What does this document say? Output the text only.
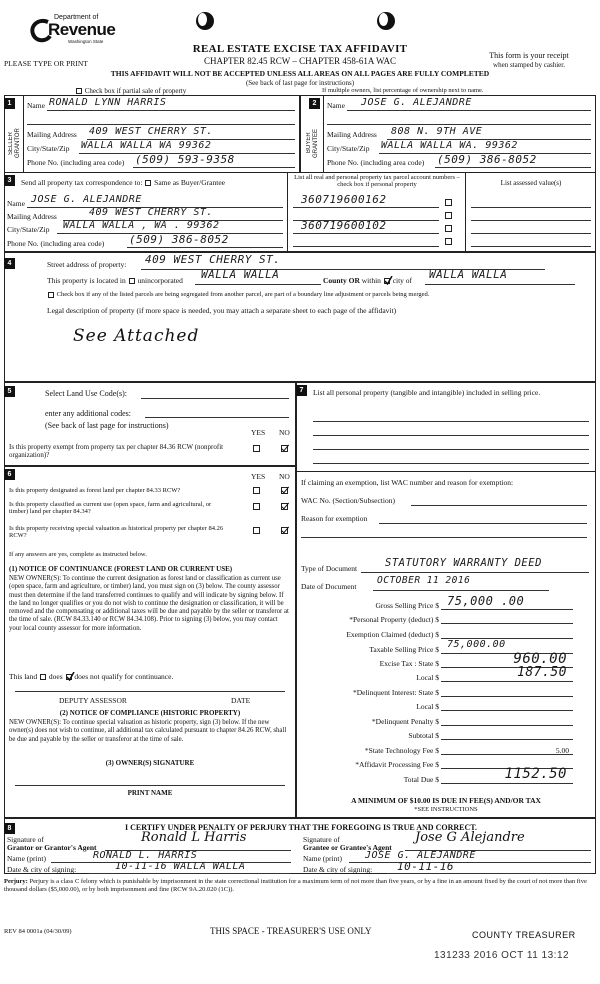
Department of
Revenue
Washington State
PLEASE TYPE OR PRINT
REAL ESTATE EXCISE TAX AFFIDAVIT
CHAPTER 82.45 RCW – CHAPTER 458-61A WAC
This form is your receipt
when stamped by cashier.
THIS AFFIDAVIT WILL NOT BE ACCEPTED UNLESS ALL AREAS ON ALL PAGES ARE FULLY COMPLETED
(See back of last page for instructions)
Check box if partial sale of property	If multiple owners, list percentage of ownership next to name.
1
SELLER GRANTOR
Name RONALD LYNN HARRIS
Mailing Address 409 WEST CHERRY ST.
City/State/Zip WALLA WALLA WA 99362
Phone No. (including area code) (509) 593-9358
2
BUYER GRANTEE
Name JOSE G. ALEJANDRE
Mailing Address 808 N. 9TH AVE
City/State/Zip WALLA WALLA WA. 99362
Phone No. (including area code) (509) 386-8052
3	Send all property tax correspondence to: Same as Buyer/Grantee
Name JOSE G. ALEJANDRE
Mailing Address	409 WEST CHERRY ST.
City/State/Zip WALLA WALLA , WA . 99362
Phone No. (including area code) (509) 386-8052
List all real and personal property tax parcel account numbers – check box if personal property	List assessed value(s)
360719600162
360719600102
4	Street address of property: 409 WEST CHERRY ST.
This property is located in unincorporated WALLA WALLA	County OR within city of WALLA WALLA
Check box if any of the listed parcels are being segregated from another parcel, are part of a boundary line adjustment or parcels being merged.
Legal description of property (if more space is needed, you may attach a separate sheet to each page of the affidavit)
See Attached
5	Select Land Use Code(s):
enter any additional codes:
(See back of last page for instructions)
YES NO
Is this property exempt from property tax per chapter 84.36 RCW (nonprofit organization)?
6	YES NO
Is this property designated as forest land per chapter 84.33 RCW?
Is this property classified as current use (open space, farm and agricultural, or timber) land per chapter 84.34?
Is this property receiving special valuation as historical property per chapter 84.26 RCW?
If any answers are yes, complete as instructed below.
(1) NOTICE OF CONTINUANCE (FOREST LAND OR CURRENT USE)
NEW OWNER(S): To continue the current designation as forest land or classification as current use (open space, farm and agriculture, or timber) land, you must sign on (3) below. The county assessor must then determine if the land transferred continues to qualify and will indicate by signing below. If the land no longer qualifies or you do not wish to continue the designation or classification, it will be removed and the compensating or additional taxes will be due and payable by the seller or transferor at the time of sale. (RCW 84.33.140 or RCW 84.34.108). Prior to signing (3) below, you may contact your local county assessor for more information.
This land does does not qualify for continuance.
DEPUTY ASSESSOR	DATE
(2) NOTICE OF COMPLIANCE (HISTORIC PROPERTY)
NEW OWNER(S): To continue special valuation as historic property, sign (3) below. If the new owner(s) does not wish to continue, all additional tax calculated pursuant to chapter 84.26 RCW, shall be due and payable by the seller or transferor at the time of sale.
(3) OWNER(S) SIGNATURE
PRINT NAME
7	List all personal property (tangible and intangible) included in selling price.
If claiming an exemption, list WAC number and reason for exemption:
WAC No. (Section/Subsection)
Reason for exemption
Type of Document	STATUTORY WARRANTY DEED
Date of Document
OCTOBER 11 2016
Gross Selling Price $ 75,000 .00
*Personal Property (deduct) $
Exemption Claimed (deduct) $
Taxable Selling Price $ 75,000.00
Excise Tax : State $	960.00
Local $	187.50
*Delinquent Interest: State $
Local $
*Delinquent Penalty $
Subtotal $
*State Technology Fee $	5.00
*Affidavit Processing Fee $
Total Due $	1152.50
A MINIMUM OF $10.00 IS DUE IN FEE(S) AND/OR TAX
*SEE INSTRUCTIONS
8	I CERTIFY UNDER PENALTY OF PERJURY THAT THE FOREGOING IS TRUE AND CORRECT.
Signature of
Grantor or Grantor's Agent
Ronald L Harris
Name (print)	RONALD L. HARRIS
Date & city of signing:	10-11-16 WALLA WALLA
Signature of
Grantee or Grantee's Agent
Jose G Alejandre
Name (print) JOSE G. ALEJANDRE
Date & city of signing: 10-11-16
Perjury: Perjury is a class C felony which is punishable by imprisonment in the state correctional institution for a maximum term of not more than five years, or by a fine in an amount fixed by the court of not more than five thousand dollars ($5,000.00), or by both imprisonment and fine (RCW 9A.20.020 (1C)).
REV 84 0001a (04/30/09)	THIS SPACE - TREASURER'S USE ONLY	COUNTY TREASURER
131233 2016 OCT 11 13:12
